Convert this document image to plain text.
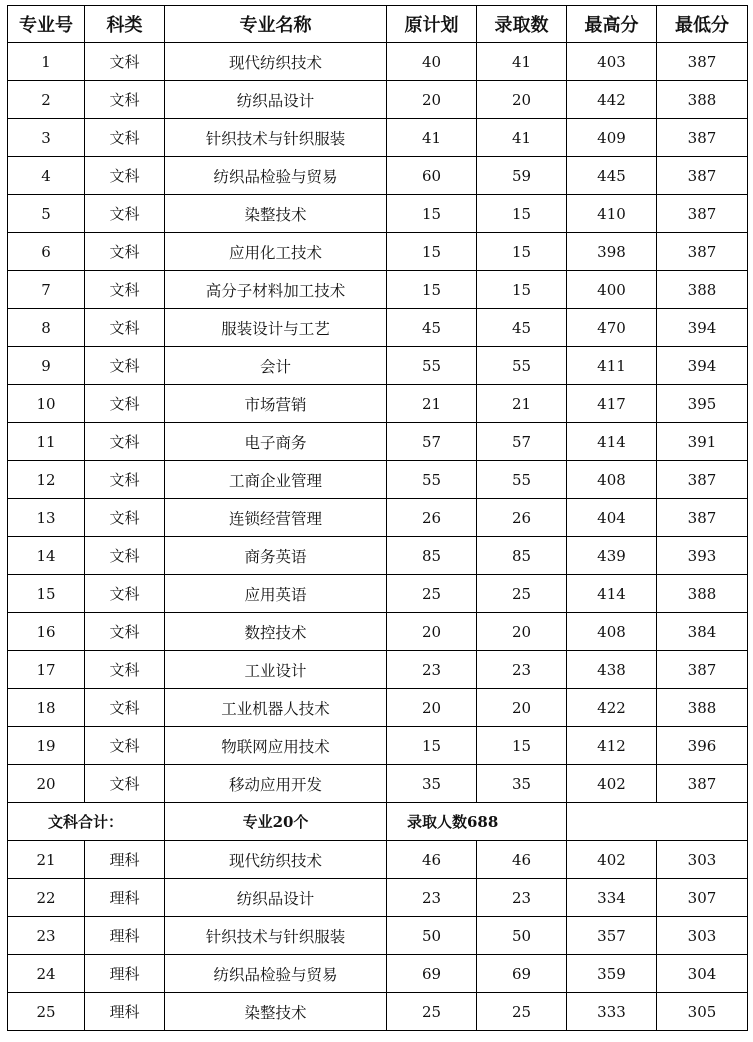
专业号	科类	专业名称	原计划	录取数	最高分	最低分
1	文科	现代纺织技术	40	41	403	387
2	文科	纺织品设计	20	20	442	388
3	文科	针织技术与针织服装	41	41	409	387
4	文科	纺织品检验与贸易	60	59	445	387
5	文科	染整技术	15	15	410	387
6	文科	应用化工技术	15	15	398	387
7	文科	高分子材料加工技术	15	15	400	388
8	文科	服装设计与工艺	45	45	470	394
9	文科	会计	55	55	411	394
10	文科	市场营销	21	21	417	395
11	文科	电子商务	57	57	414	391
12	文科	工商企业管理	55	55	408	387
13	文科	连锁经营管理	26	26	404	387
14	文科	商务英语	85	85	439	393
15	文科	应用英语	25	25	414	388
16	文科	数控技术	20	20	408	384
17	文科	工业设计	23	23	438	387
18	文科	工业机器人技术	20	20	422	388
19	文科	物联网应用技术	15	15	412	396
20	文科	移动应用开发	35	35	402	387
文科合计：		专业20个	录取人数688			
21	理科	现代纺织技术	46	46	402	303
22	理科	纺织品设计	23	23	334	307
23	理科	针织技术与针织服装	50	50	357	303
24	理科	纺织品检验与贸易	69	69	359	304
25	理科	染整技术	25	25	333	305
